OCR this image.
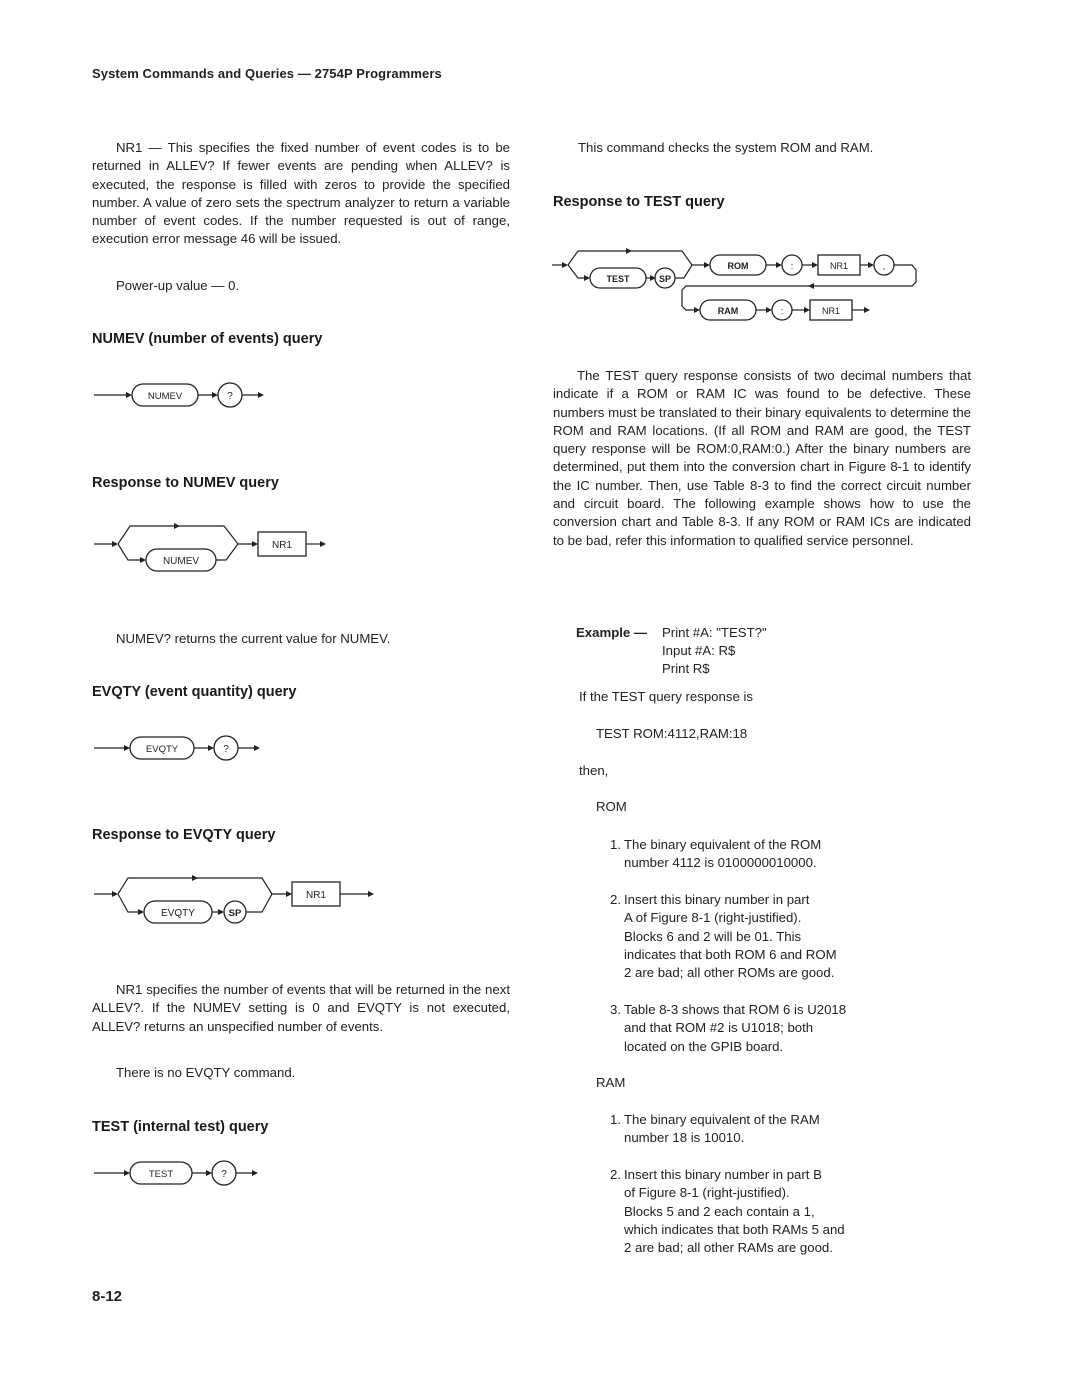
System Commands and Queries — 2754P Programmers
NR1 — This specifies the fixed number of event codes is to be returned in ALLEV? If fewer events are pending when ALLEV? is executed, the response is filled with zeros to provide the specified number. A value of zero sets the spectrum analyzer to return a variable number of event codes. If the number requested is out of range, execution error message 46 will be issued.
Power-up value — 0.
NUMEV (number of events) query
NUMEV	?
Response to NUMEV query
NUMEV
NR1
NUMEV? returns the current value for NUMEV.
EVQTY (event quantity) query
EVQTY	?
Response to EVQTY query
EVQTY	SP
NR1
NR1 specifies the number of events that will be returned in the next ALLEV?. If the NUMEV setting is 0 and EVQTY is not executed, ALLEV? returns an unspecified number of events.
There is no EVQTY command.
TEST (internal test) query
TEST	?
8-12
This command checks the system ROM and RAM.
Response to TEST query
TEST	SP
ROM	:	NR1	,
RAM	:	NR1
The TEST query response consists of two decimal numbers that indicate if a ROM or RAM IC was found to be defective. These numbers must be translated to their binary equivalents to determine the ROM and RAM locations. (If all ROM and RAM are good, the TEST query response will be ROM:0,RAM:0.) After the binary numbers are determined, put them into the conversion chart in Figure 8-1 to identify the IC number. Then, use Table 8-3 to find the correct circuit number and circuit board. The following example shows how to use the conversion chart and Table 8-3. If any ROM or RAM ICs are indicated to be bad, refer this information to qualified service personnel.
Example —	Print #A: "TEST?"
Input #A: R$
Print R$
If the TEST query response is
TEST ROM:4112,RAM:18
then,
ROM
1. The binary equivalent of the ROM
number 4112 is 0100000010000.
2. Insert this binary number in part
A of Figure 8-1 (right-justified).
Blocks 6 and 2 will be 01. This
indicates that both ROM 6 and ROM
2 are bad; all other ROMs are good.
3. Table 8-3 shows that ROM 6 is U2018
and that ROM #2 is U1018; both
located on the GPIB board.
RAM
1. The binary equivalent of the RAM
number 18 is 10010.
2. Insert this binary number in part B
of Figure 8-1 (right-justified).
Blocks 5 and 2 each contain a 1,
which indicates that both RAMs 5 and
2 are bad; all other RAMs are good.
